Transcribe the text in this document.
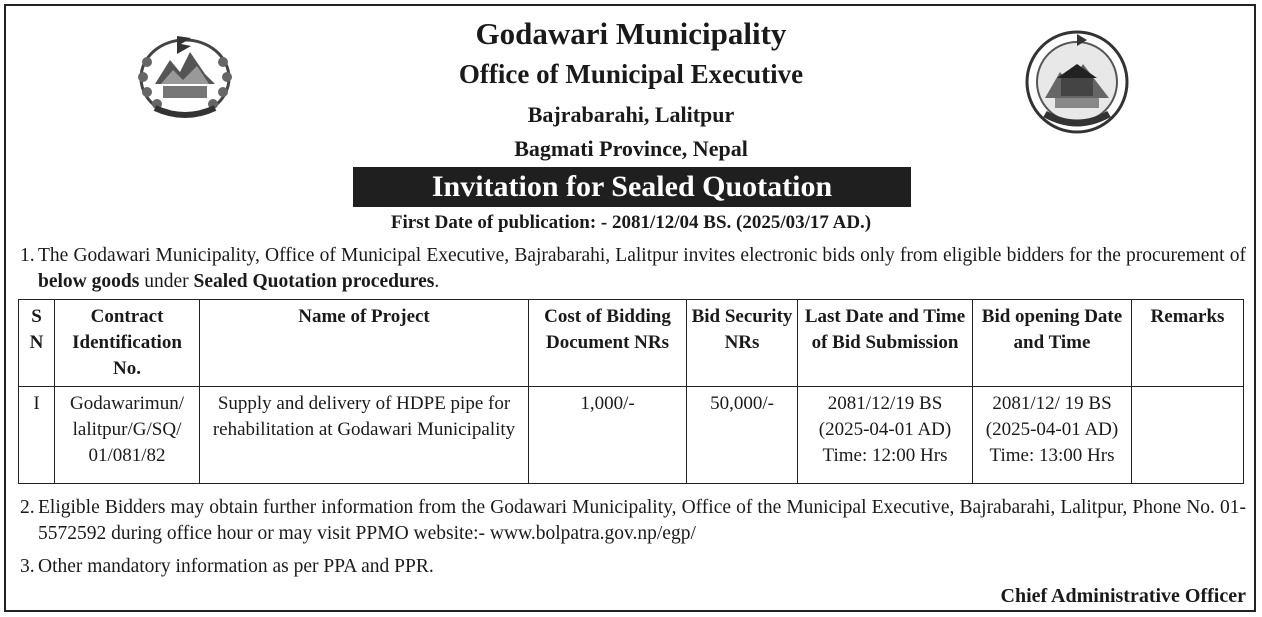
Godawari Municipality
Office of Municipal Executive
Bajrabarahi, Lalitpur
Bagmati Province, Nepal
Invitation for Sealed Quotation
First Date of publication: - 2081/12/04 BS. (2025/03/17 AD.)
1. The Godawari Municipality, Office of Municipal Executive, Bajrabarahi, Lalitpur invites electronic bids only from eligible bidders for the procurement of below goods under Sealed Quotation procedures.
S N	Contract Identification No.	Name of Project	Cost of Bidding Document NRs	Bid Security NRs	Last Date and Time of Bid Submission	Bid opening Date and Time	Remarks
I	Godawarimun/ lalitpur/G/SQ/ 01/081/82	Supply and delivery of HDPE pipe for rehabilitation at Godawari Municipality	1,000/-	50,000/-	2081/12/19 BS (2025-04-01 AD) Time: 12:00 Hrs	2081/12/ 19 BS (2025-04-01 AD) Time: 13:00 Hrs	
2. Eligible Bidders may obtain further information from the Godawari Municipality, Office of the Municipal Executive, Bajrabarahi, Lalitpur, Phone No. 01-5572592 during office hour or may visit PPMO website:- www.bolpatra.gov.np/egp/
3. Other mandatory information as per PPA and PPR.
Chief Administrative Officer
